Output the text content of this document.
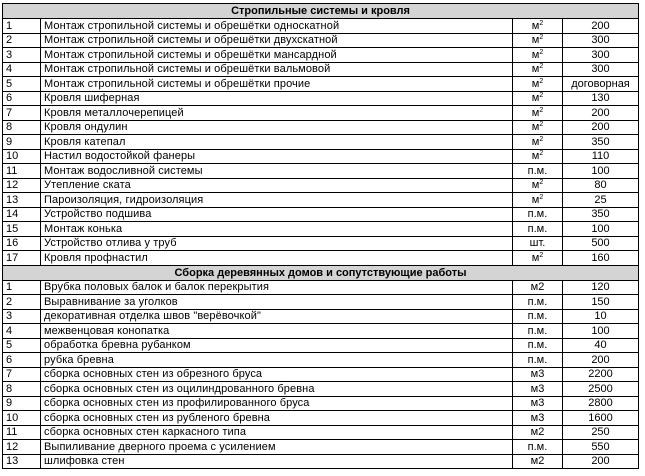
Стропильные системы и кровля			
1	Монтаж стропильной системы и обрешётки односкатной	$м^2$	200
2	Монтаж стропильной системы и обрешётки двухскатной	$м^2$	300
3	Монтаж стропильной системы и обрешётки мансардной	$м^2$	300
4	Монтаж стропильной системы и обрешётки вальмовой	$м^2$	300
5	Монтаж стропильной системы и обрешётки прочие	$м^2$	договорная
6	Кровля шиферная	$м^2$	130
7	Кровля металлочерепицей	$м^2$	200
8	Кровля ондулин	$м^2$	200
9	Кровля катепал	$м^2$	350
10	Настил водостойкой фанеры	$м^2$	110
11	Монтаж водосливной системы	п.м.	100
12	Утепление ската	$м^2$	80
13	Пароизоляция, гидроизоляция	$м^2$	25
14	Устройство подшива	п.м.	350
15	Монтаж конька	п.м.	100
16	Устройство отлива у труб	шт.	500
17	Кровля профнастил	$м^2$	160
Сборка деревянных домов и сопутствующие работы			
1	Врубка половых балок и балок перекрытия	м2	120
2	Выравнивание за уголков	п.м.	150
3	декоративная отделка швов "верёвочкой"	п.м.	10
4	межвенцовая конопатка	п.м.	100
5	обработка бревна рубанком	п.м.	40
6	рубка бревна	п.м.	200
7	сборка основных стен из обрезного бруса	м3	2200
8	сборка основных стен из оцилиндрованного бревна	м3	2500
9	сборка основных стен из профилированного бруса	м3	2800
10	сборка основных стен из рубленого бревна	м3	1600
11	сборка основных стен каркасного типа	м2	250
12	Выпиливание дверного проема с усилением	п.м.	550
13	шлифовка стен	м2	200
